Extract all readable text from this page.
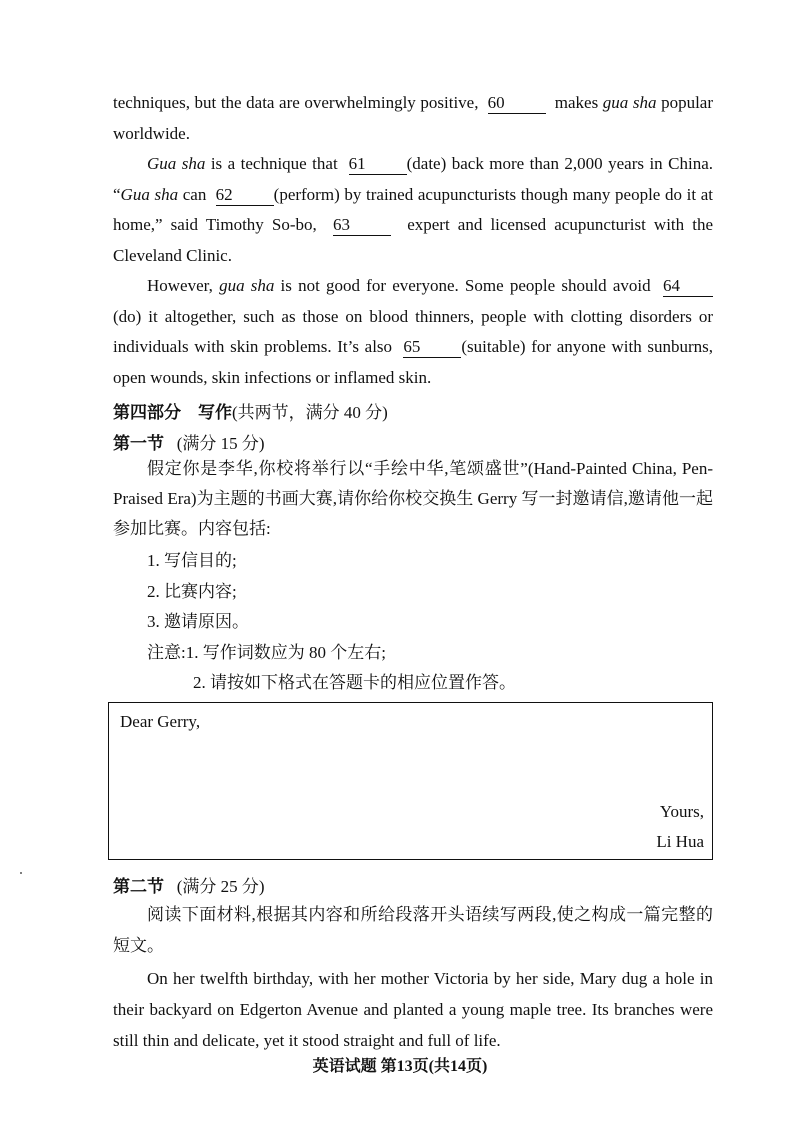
techniques, but the data are overwhelmingly positive, 60	makes gua sha popular worldwide.

Gua sha is a technique that 61 (date) back more than 2,000 years in China. “Gua sha can 62 (perform) by trained acupuncturists though many people do it at home,” said Timothy So-bo, 63	expert and licensed acupuncturist with the Cleveland Clinic.

However, gua sha is not good for everyone. Some people should avoid 64(do) it altogether, such as those on blood thinners, people with clotting disorders or individuals with skin problems. It’s also 65 (suitable) for anyone with sunburns, open wounds, skin infections or inflamed skin.

第四部分　写作(共两节，满分 40 分)

第一节 (满分 15 分)

假定你是李华,你校将举行以“手绘中华,笔颂盛世”(Hand-Painted China, Pen-Praised Era)为主题的书画大赛,请你给你校交换生 Gerry 写一封邀请信,邀请他一起参加比赛。内容包括:

1. 写信目的;

2. 比赛内容;

3. 邀请原因。

注意:1. 写作词数应为 80 个左右;

2. 请按如下格式在答题卡的相应位置作答。

Dear Gerry,

Yours,

Li Hua

第二节 (满分 25 分)

阅读下面材料,根据其内容和所给段落开头语续写两段,使之构成一篇完整的短文。

On her twelfth birthday, with her mother Victoria by her side, Mary dug a hole in their backyard on Edgerton Avenue and planted a young maple tree. Its branches were still thin and delicate, yet it stood straight and full of life.

英语试题 第13页(共14页)
